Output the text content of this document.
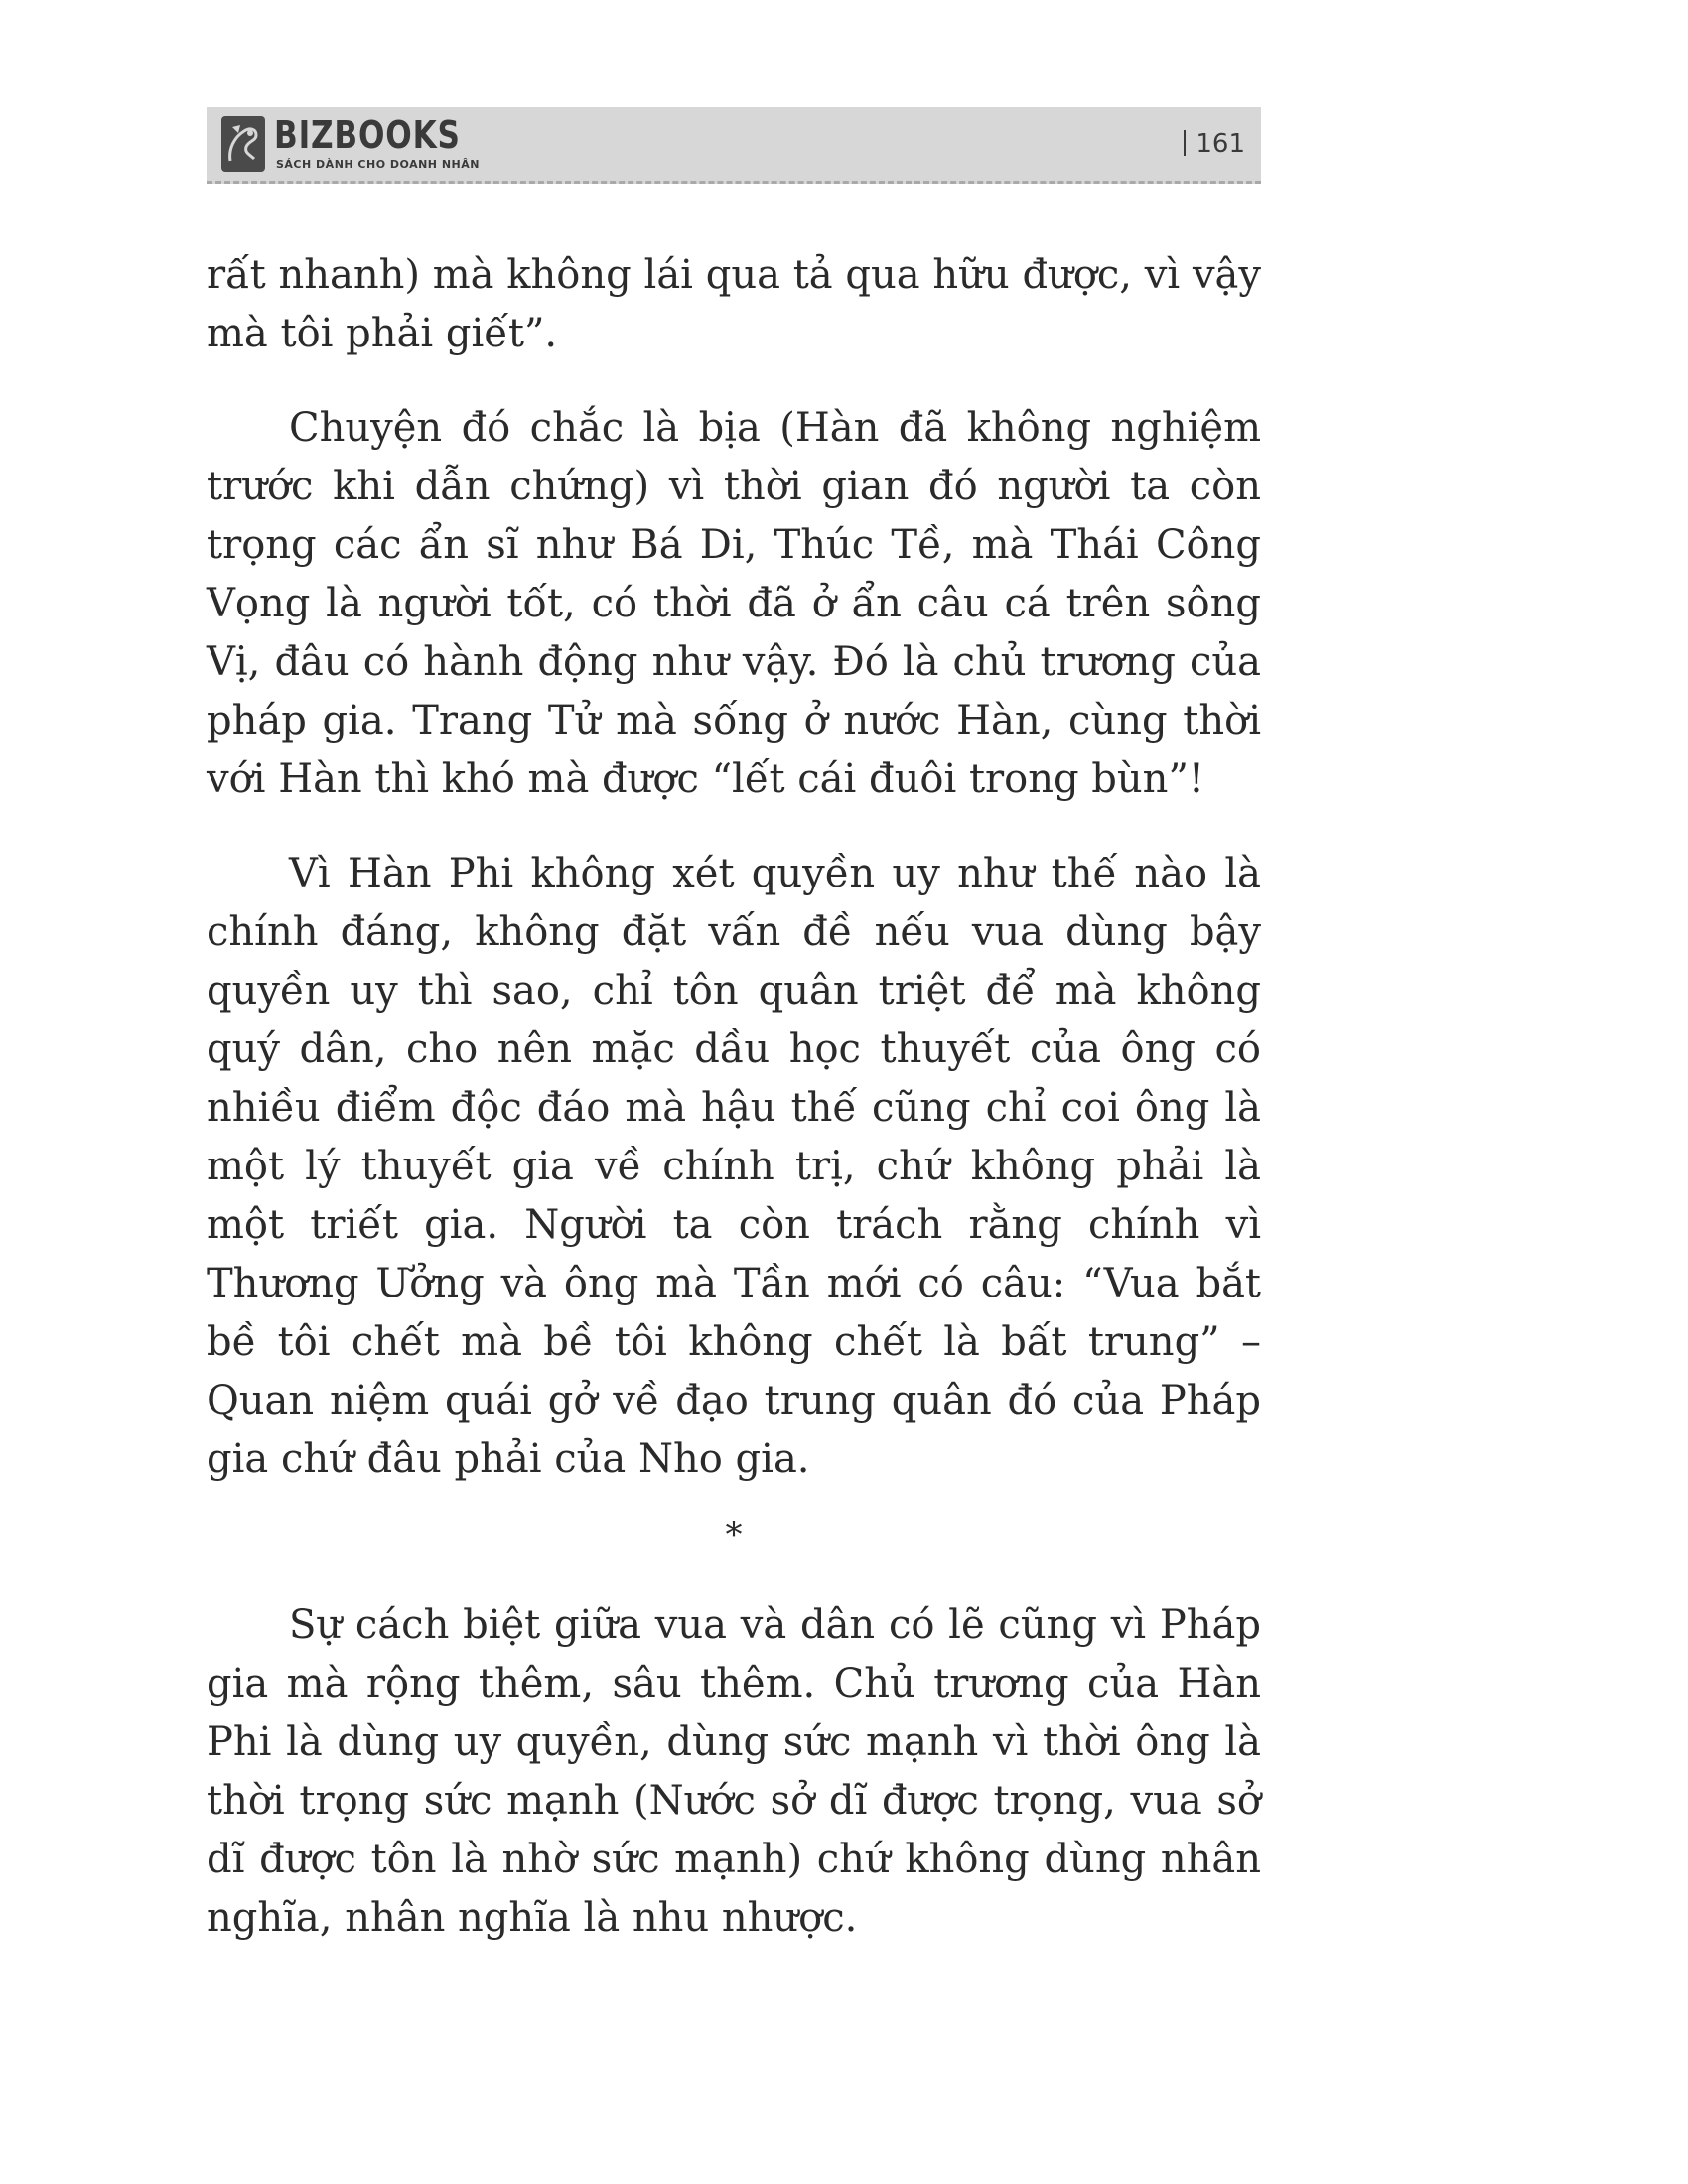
BIZBOOKS
SÁCH DÀNH CHO DOANH NHÂN
161

rất nhanh) mà không lái qua tả qua hữu được, vì vậy mà tôi phải giết”.

Chuyện đó chắc là bịa (Hàn đã không nghiệm trước khi dẫn chứng) vì thời gian đó người ta còn trọng các ẩn sĩ như Bá Di, Thúc Tề, mà Thái Công Vọng là người tốt, có thời đã ở ẩn câu cá trên sông Vị, đâu có hành động như vậy. Đó là chủ trương của pháp gia. Trang Tử mà sống ở nước Hàn, cùng thời với Hàn thì khó mà được “lết cái đuôi trong bùn”!

Vì Hàn Phi không xét quyền uy như thế nào là chính đáng, không đặt vấn đề nếu vua dùng bậy quyền uy thì sao, chỉ tôn quân triệt để mà không quý dân, cho nên mặc dầu học thuyết của ông có nhiều điểm độc đáo mà hậu thế cũng chỉ coi ông là một lý thuyết gia về chính trị, chứ không phải là một triết gia. Người ta còn trách rằng chính vì Thương Ưởng và ông mà Tần mới có câu: “Vua bắt bề tôi chết mà bề tôi không chết là bất trung” – Quan niệm quái gở về đạo trung quân đó của Pháp gia chứ đâu phải của Nho gia.

*

Sự cách biệt giữa vua và dân có lẽ cũng vì Pháp gia mà rộng thêm, sâu thêm. Chủ trương của Hàn Phi là dùng uy quyền, dùng sức mạnh vì thời ông là thời trọng sức mạnh (Nước sở dĩ được trọng, vua sở dĩ được tôn là nhờ sức mạnh) chứ không dùng nhân nghĩa, nhân nghĩa là nhu nhược.
